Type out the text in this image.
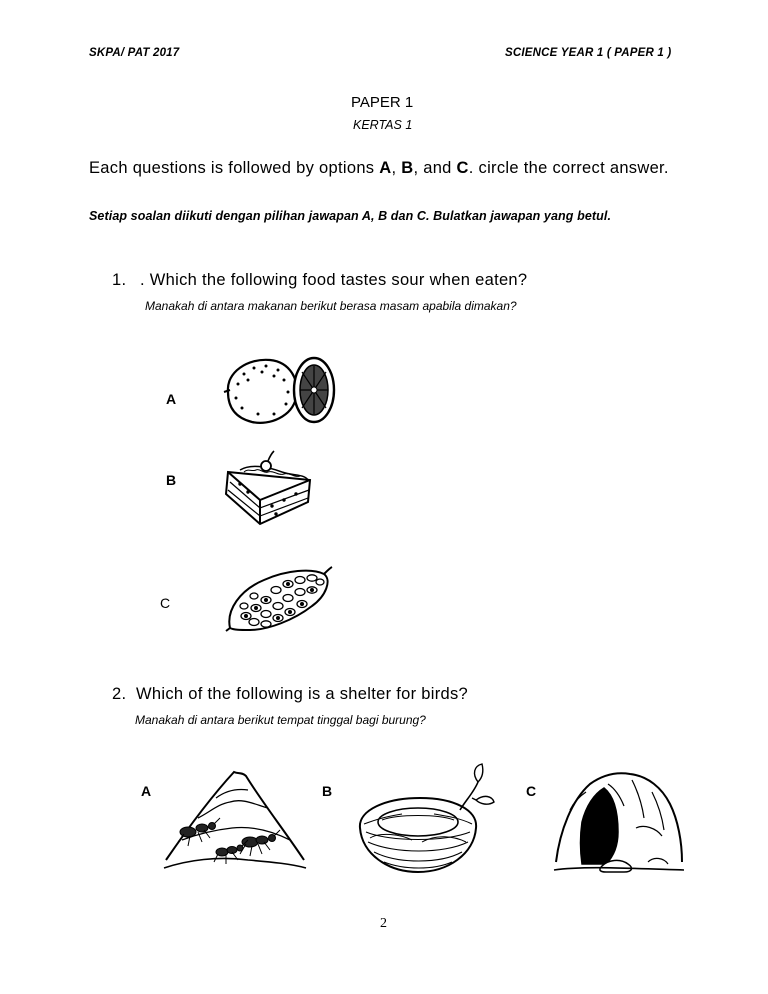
SKPA/ PAT 2017	SCIENCE YEAR 1 ( PAPER 1 )
PAPER 1
KERTAS 1
Each questions is followed by options A, B, and C. circle the correct answer.
Setiap soalan diikuti dengan pilihan jawapan A, B dan C. Bulatkan jawapan yang betul.
1. . Which the following food tastes sour when eaten?
Manakah di antara makanan berikut berasa masam apabila dimakan?
A
B
C
2. Which of the following is a shelter for birds?
Manakah di antara berikut tempat tinggal bagi burung?
A	B	C
2
